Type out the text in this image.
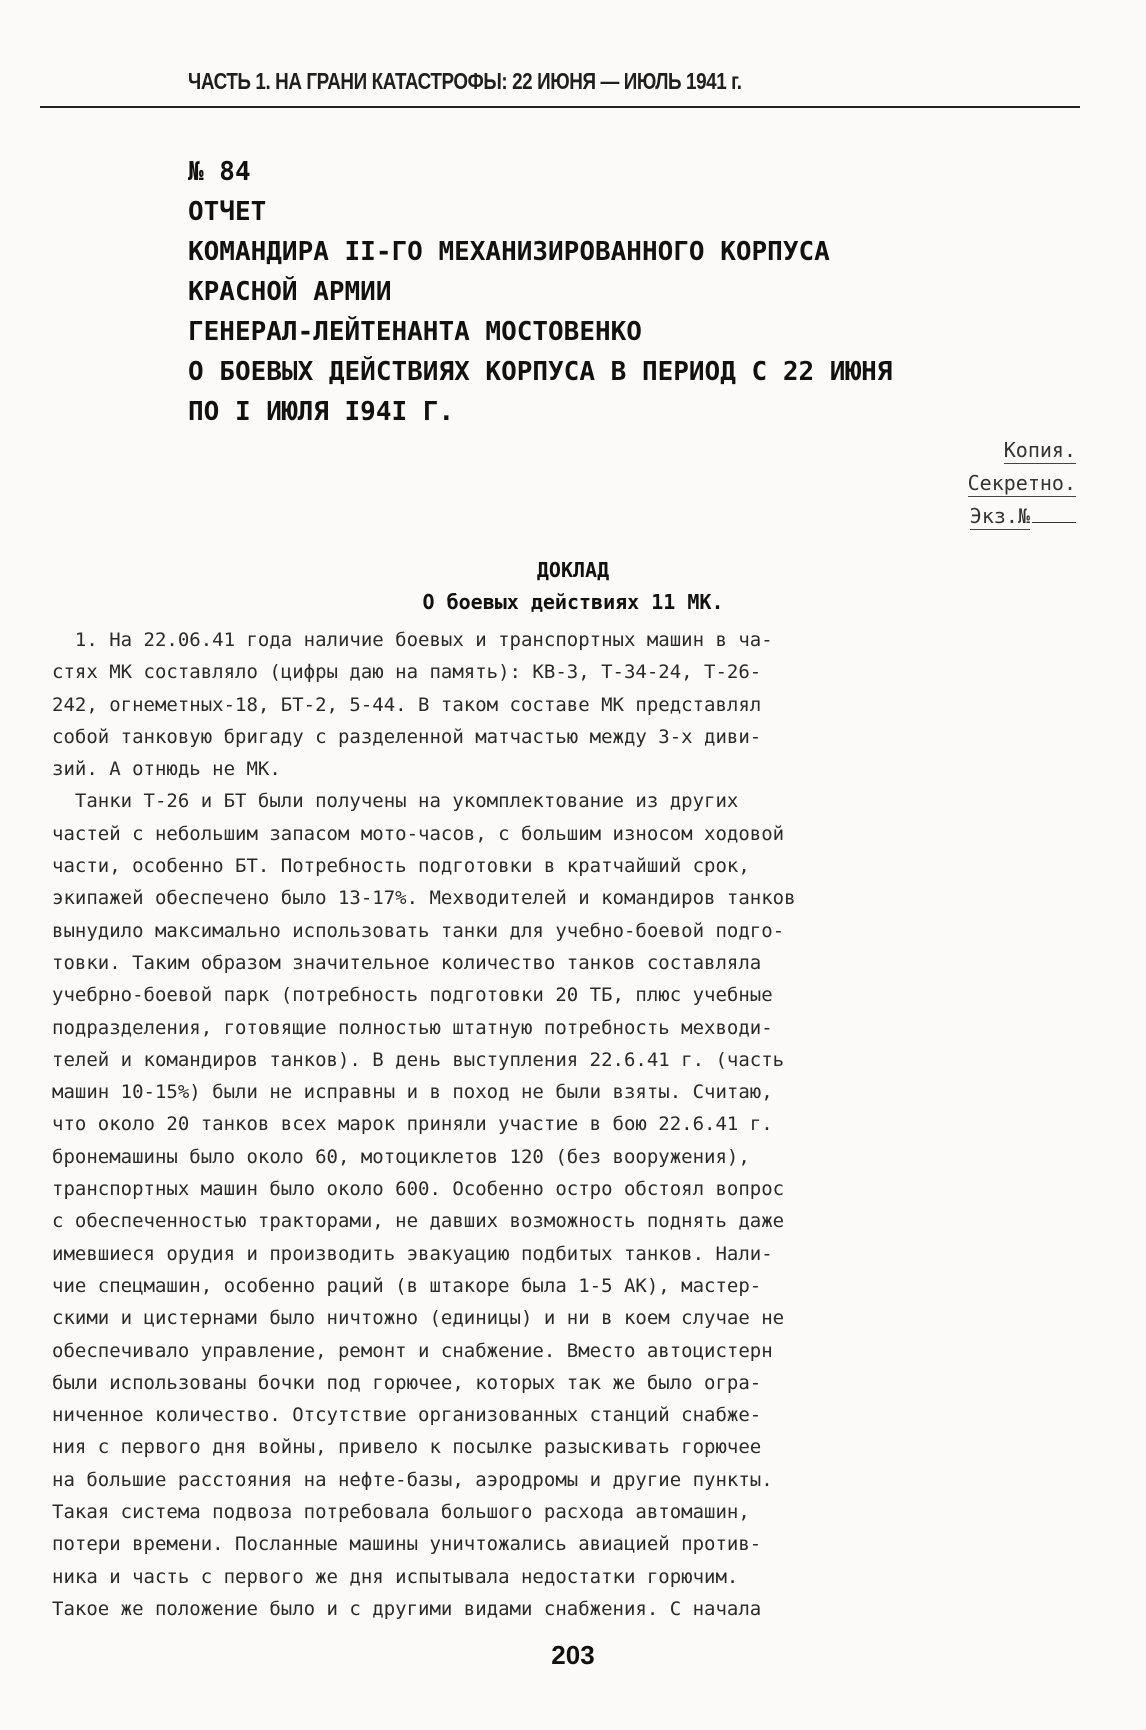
ЧАСТЬ 1. НА ГРАНИ КАТАСТРОФЫ: 22 ИЮНЯ — ИЮЛЬ 1941 г.
№ 84
ОТЧЕТ
КОМАНДИРА II-ГО МЕХАНИЗИРОВАННОГО КОРПУСА
КРАСНОЙ АРМИИ
ГЕНЕРАЛ-ЛЕЙТЕНАНТА МОСТОВЕНКО
О БОЕВЫХ ДЕЙСТВИЯХ КОРПУСА В ПЕРИОД С 22 ИЮНЯ
ПО I ИЮЛЯ I94I Г.
Копия.
Секретно.
Экз.№
ДОКЛАД
О боевых действиях 11 МК.
1. На 22.06.41 года наличие боевых и транспортных машин в ча-
стях МК составляло (цифры даю на память): КВ-3, Т-34-24, Т-26-
242, огнеметных-18, БТ-2, 5-44. В таком составе МК представлял
собой танковую бригаду с разделенной матчастью между 3-х диви-
зий. А отнюдь не МК.
Танки Т-26 и БТ были получены на укомплектование из других
частей с небольшим запасом мото-часов, с большим износом ходовой
части, особенно БТ. Потребность подготовки в кратчайший срок,
экипажей обеспечено было 13-17%. Мехводителей и командиров танков
вынудило максимально использовать танки для учебно-боевой подго-
товки. Таким образом значительное количество танков составляла
учебрно-боевой парк (потребность подготовки 20 ТБ, плюс учебные
подразделения, готовящие полностью штатную потребность мехводи-
телей и командиров танков). В день выступления 22.6.41 г. (часть
машин 10-15%) были не исправны и в поход не были взяты. Считаю,
что около 20 танков всех марок приняли участие в бою 22.6.41 г.
бронемашины было около 60, мотоциклетов 120 (без вооружения),
транспортных машин было около 600. Особенно остро обстоял вопрос
с обеспеченностью тракторами, не давших возможность поднять даже
имевшиеся орудия и производить эвакуацию подбитых танков. Нали-
чие спецмашин, особенно раций (в штакоре была 1-5 АК), мастер-
скими и цистернами было ничтожно (единицы) и ни в коем случае не
обеспечивало управление, ремонт и снабжение. Вместо автоцистерн
были использованы бочки под горючее, которых так же было огра-
ниченное количество. Отсутствие организованных станций снабже-
ния с первого дня войны, привело к посылке разыскивать горючее
на большие расстояния на нефте-базы, аэродромы и другие пункты.
Такая система подвоза потребовала большого расхода автомашин,
потери времени. Посланные машины уничтожались авиацией против-
ника и часть с первого же дня испытывала недостатки горючим.
Такое же положение было и с другими видами снабжения. С начала
203
